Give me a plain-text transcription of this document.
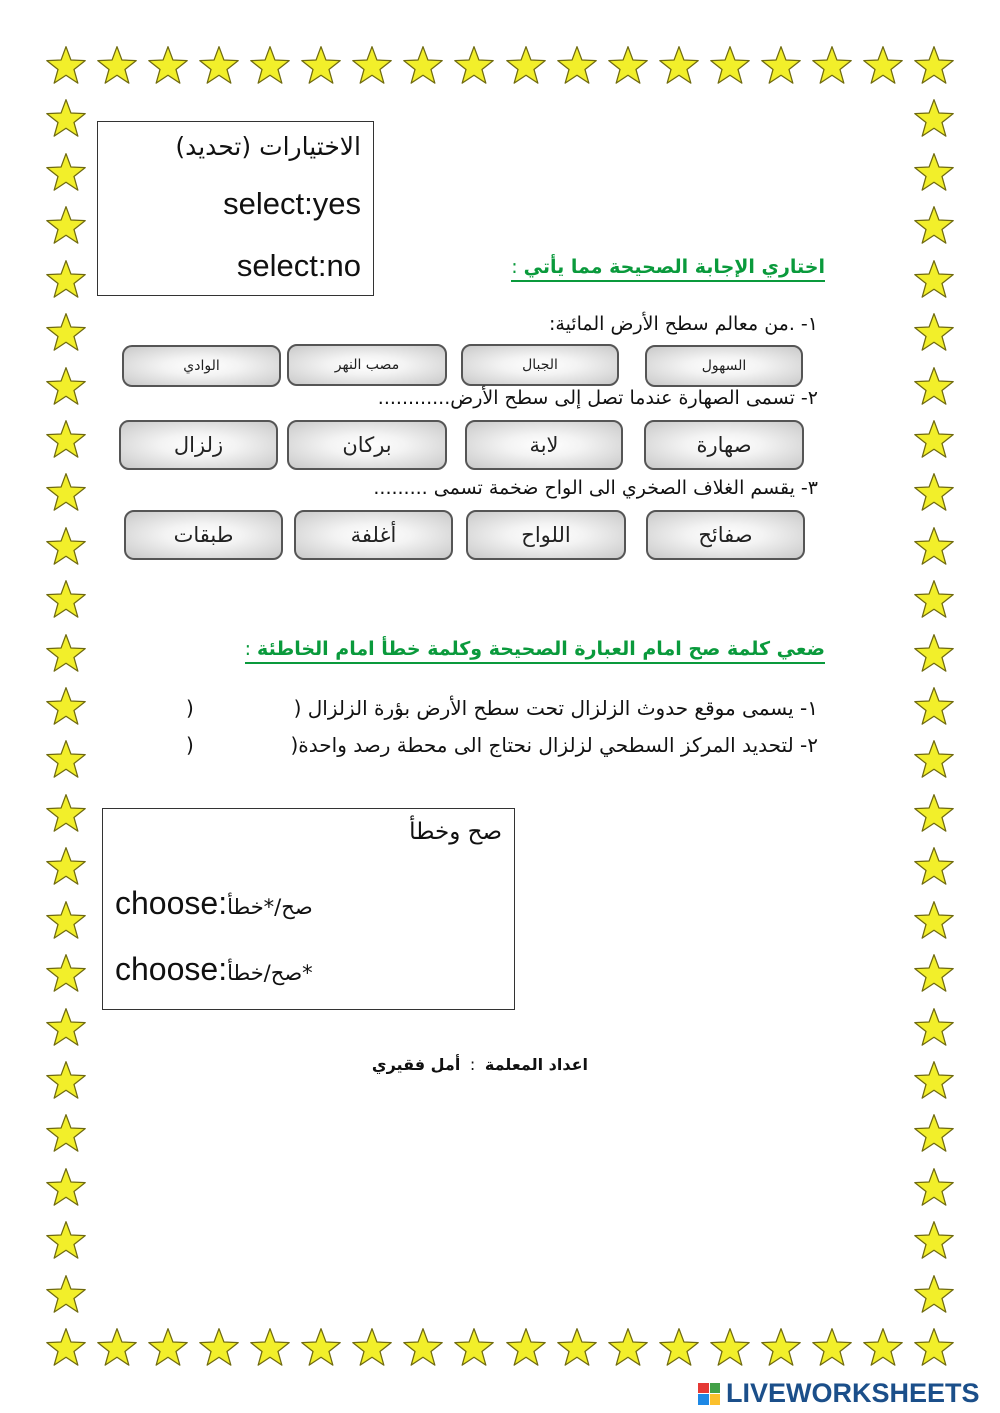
الاختيارات (تحديد)
select:yes
select:no	اختاري الإجابة الصحيحة مما يأتي:
١- .من معالم سطح الأرض المائية:
السهول
الجبال
مصب النهر
الوادي
٢- تسمى الصهارة عندما تصل إلى سطح الأرض............
صهارة
لابة
بركان
زلزال
٣- يقسم الغلاف الصخري الى الواح ضخمة تسمى .........
صفائح
اللواح
أغلفة
طبقات
ضعي كلمة صح امام العبارة الصحيحة وكلمة خطأ امام الخاطئة:
١- يسمى موقع حدوث الزلزال تحت سطح الأرض بؤرة الزلزال (
)
٢- لتحديد المركز السطحي لزلزال نحتاج الى محطة رصد واحدة(
)
صح وخطأ
choose: صح/*خطأ
choose: *صح/خطأ
اعداد المعلمة : أمل فقيري
LIVEWORKSHEETS
